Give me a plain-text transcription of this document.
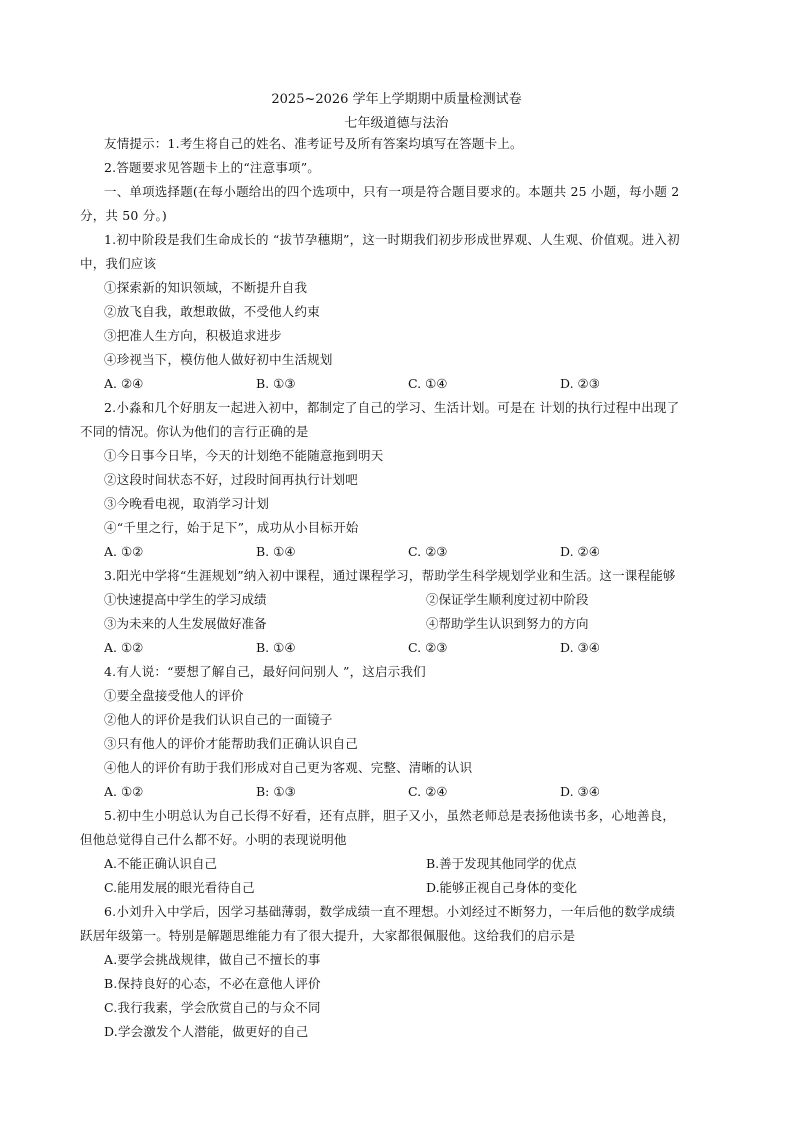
2025~2026 学年上学期期中质量检测试卷
七年级道德与法治
友情提示：1.考生将自己的姓名、准考证号及所有答案均填写在答题卡上。
2.答题要求见答题卡上的“注意事项”。
一、单项选择题(在每小题给出的四个选项中，只有一项是符合题目要求的。本题共 25 小题，每小题 2
分，共 50 分。)
1.初中阶段是我们生命成长的 “拔节孕穗期”，这一时期我们初步形成世界观、人生观、价值观。进入初
中，我们应该
①探索新的知识领域，不断提升自我
②放飞自我，敢想敢做，不受他人约束
③把准人生方向，积极追求进步
④珍视当下，模仿他人做好初中生活规划
A. ②④	B. ①③	C. ①④	D. ②③
2.小淼和几个好朋友一起进入初中，都制定了自己的学习、生活计划。可是在 计划的执行过程中出现了
不同的情况。你认为他们的言行正确的是
①今日事今日毕，今天的计划绝不能随意拖到明天
②这段时间状态不好，过段时间再执行计划吧
③今晚看电视，取消学习计划
④“千里之行，始于足下”，成功从小目标开始
A. ①②	B. ①④	C. ②③	D. ②④
3.阳光中学将“生涯规划”纳入初中课程，通过课程学习，帮助学生科学规划学业和生活。这一课程能够
①快速提高中学生的学习成绩	②保证学生顺利度过初中阶段
③为未来的人生发展做好准备	④帮助学生认识到努力的方向
A. ①②	B. ①④	C. ②③	D. ③④
4.有人说：“要想了解自己，最好问问别人 ”，这启示我们
①要全盘接受他人的评价
②他人的评价是我们认识自己的一面镜子
③只有他人的评价才能帮助我们正确认识自己
④他人的评价有助于我们形成对自己更为客观、完整、清晰的认识
A. ①②	B: ①③	C. ②④	D. ③④
5.初中生小明总认为自己长得不好看，还有点胖，胆子又小，虽然老师总是表扬他读书多，心地善良，
但他总觉得自己什么都不好。小明的表现说明他
A.不能正确认识自己	B.善于发现其他同学的优点
C.能用发展的眼光看待自己	D.能够正视自己身体的变化
6.小刘升入中学后，因学习基础薄弱，数学成绩一直不理想。小刘经过不断努力，一年后他的数学成绩
跃居年级第一。特别是解题思维能力有了很大提升，大家都很佩服他。这给我们的启示是
A.要学会挑战规律，做自己不擅长的事
B.保持良好的心态，不必在意他人评价
C.我行我素，学会欣赏自己的与众不同
D.学会激发个人潜能，做更好的自己
